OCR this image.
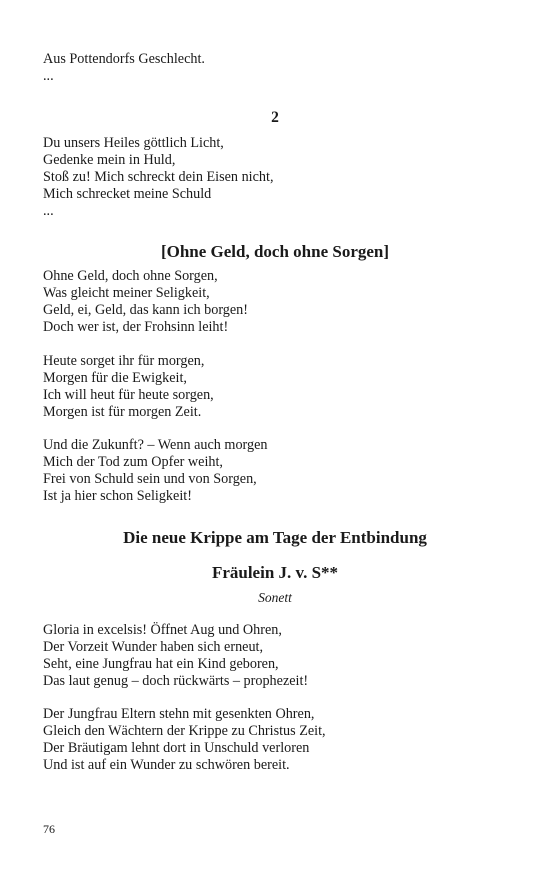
Aus Pottendorfs Geschlecht.
...
2
Du unsers Heiles göttlich Licht,
Gedenke mein in Huld,
Stoß zu! Mich schreckt dein Eisen nicht,
Mich schrecket meine Schuld
...
[Ohne Geld, doch ohne Sorgen]
Ohne Geld, doch ohne Sorgen,
Was gleicht meiner Seligkeit,
Geld, ei, Geld, das kann ich borgen!
Doch wer ist, der Frohsinn leiht!
Heute sorget ihr für morgen,
Morgen für die Ewigkeit,
Ich will heut für heute sorgen,
Morgen ist für morgen Zeit.
Und die Zukunft? – Wenn auch morgen
Mich der Tod zum Opfer weiht,
Frei von Schuld sein und von Sorgen,
Ist ja hier schon Seligkeit!
Die neue Krippe am Tage der Entbindung
Fräulein J. v. S**
Sonett
Gloria in excelsis! Öffnet Aug und Ohren,
Der Vorzeit Wunder haben sich erneut,
Seht, eine Jungfrau hat ein Kind geboren,
Das laut genug – doch rückwärts – prophezeit!
Der Jungfrau Eltern stehn mit gesenkten Ohren,
Gleich den Wächtern der Krippe zu Christus Zeit,
Der Bräutigam lehnt dort in Unschuld verloren
Und ist auf ein Wunder zu schwören bereit.
76
